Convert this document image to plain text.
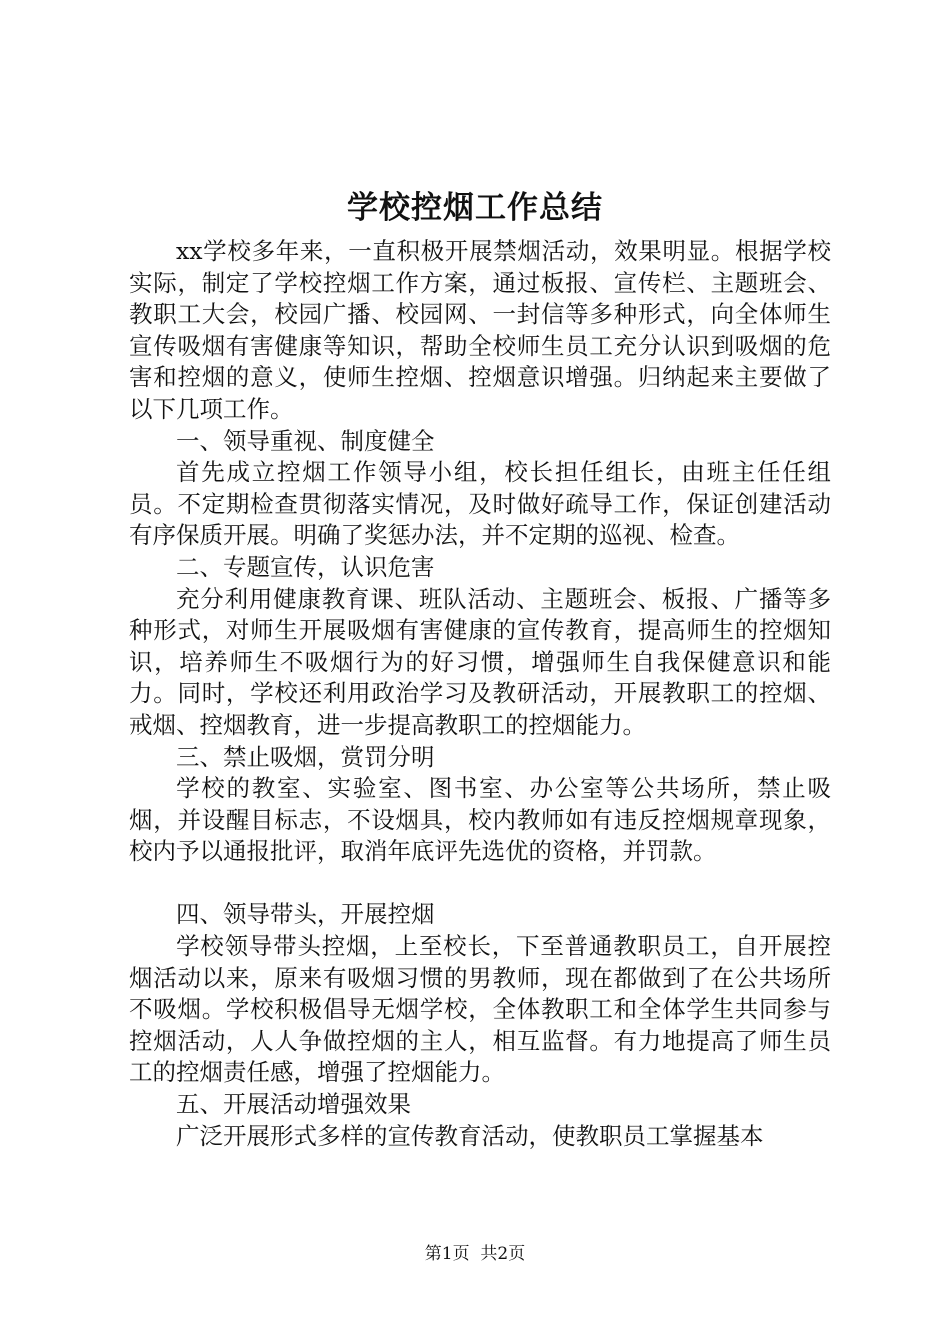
学校控烟工作总结

xx学校多年来，一直积极开展禁烟活动，效果明显。根据学校实际，制定了学校控烟工作方案，通过板报、宣传栏、主题班会、教职工大会，校园广播、校园网、一封信等多种形式，向全体师生宣传吸烟有害健康等知识，帮助全校师生员工充分认识到吸烟的危害和控烟的意义，使师生控烟、控烟意识增强。归纳起来主要做了以下几项工作。

一、领导重视、制度健全

首先成立控烟工作领导小组，校长担任组长，由班主任任组员。不定期检查贯彻落实情况，及时做好疏导工作，保证创建活动有序保质开展。明确了奖惩办法，并不定期的巡视、检查。

二、专题宣传，认识危害

充分利用健康教育课、班队活动、主题班会、板报、广播等多种形式，对师生开展吸烟有害健康的宣传教育，提高师生的控烟知识，培养师生不吸烟行为的好习惯，增强师生自我保健意识和能力。同时，学校还利用政治学习及教研活动，开展教职工的控烟、戒烟、控烟教育，进一步提高教职工的控烟能力。

三、禁止吸烟，赏罚分明

学校的教室、实验室、图书室、办公室等公共场所，禁止吸烟，并设醒目标志，不设烟具，校内教师如有违反控烟规章现象，校内予以通报批评，取消年底评先选优的资格，并罚款。

四、领导带头，开展控烟

学校领导带头控烟，上至校长，下至普通教职员工，自开展控烟活动以来，原来有吸烟习惯的男教师，现在都做到了在公共场所不吸烟。学校积极倡导无烟学校，全体教职工和全体学生共同参与控烟活动，人人争做控烟的主人，相互监督。有力地提高了师生员工的控烟责任感，增强了控烟能力。

五、开展活动增强效果

广泛开展形式多样的宣传教育活动，使教职员工掌握基本

第1页  共2页
